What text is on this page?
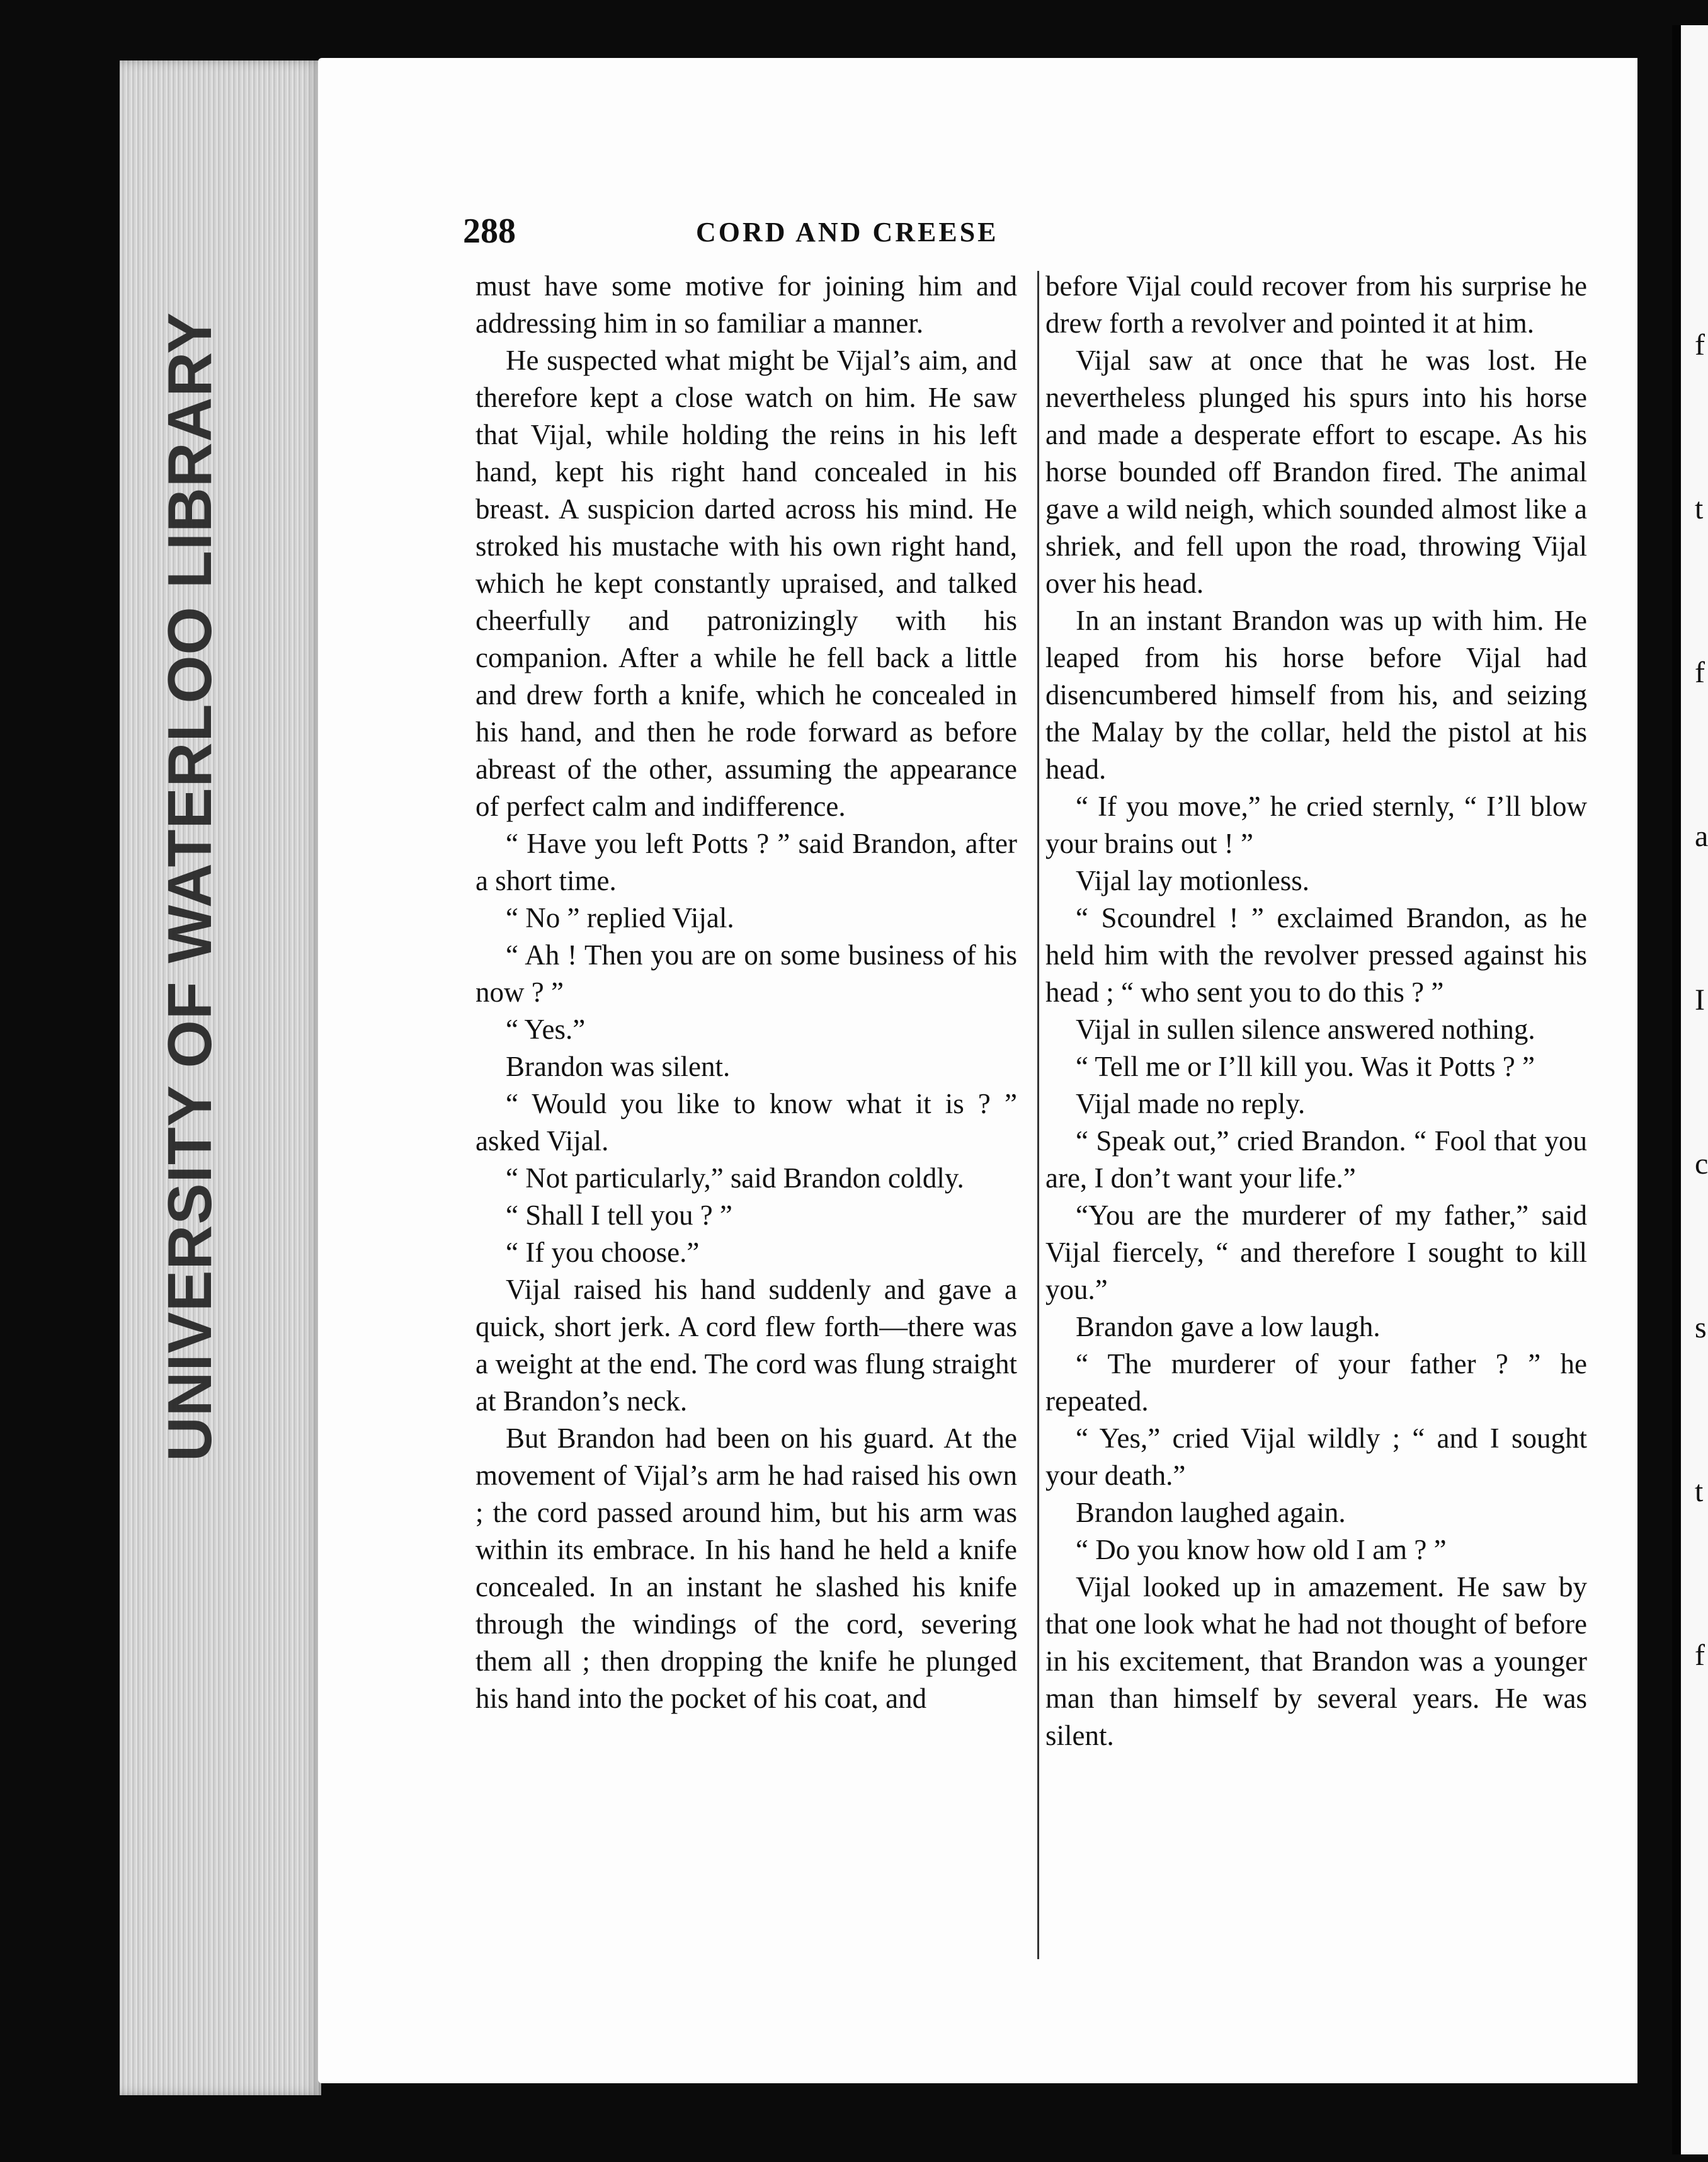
UNIVERSITY OF WATERLOO LIBRARY	f
t
f
a
I
c
s
t
f
288	CORD AND CREESE

must have some motive for joining him and addressing him in so familiar a manner.

He suspected what might be Vijal’s aim, and therefore kept a close watch on him. He saw that Vijal, while holding the reins in his left hand, kept his right hand concealed in his breast. A suspicion darted across his mind. He stroked his mustache with his own right hand, which he kept constantly upraised, and talked cheerfully and patronizingly with his companion. After a while he fell back a little and drew forth a knife, which he concealed in his hand, and then he rode forward as before abreast of the other, assuming the appearance of perfect calm and indifference.

“ Have you left Potts ? ” said Brandon, after a short time.

“ No ” replied Vijal.

“ Ah ! Then you are on some business of his now ? ”

“ Yes.”

Brandon was silent.

“ Would you like to know what it is ? ” asked Vijal.

“ Not particularly,” said Brandon coldly.

“ Shall I tell you ? ”

“ If you choose.”

Vijal raised his hand suddenly and gave a quick, short jerk. A cord flew forth—there was a weight at the end. The cord was flung straight at Brandon’s neck.

But Brandon had been on his guard. At the movement of Vijal’s arm he had raised his own ; the cord passed around him, but his arm was within its embrace. In his hand he held a knife concealed. In an instant he slashed his knife through the windings of the cord, severing them all ; then dropping the knife he plunged his hand into the pocket of his coat, and

before Vijal could recover from his surprise he drew forth a revolver and pointed it at him.

Vijal saw at once that he was lost. He nevertheless plunged his spurs into his horse and made a desperate effort to escape. As his horse bounded off Brandon fired. The animal gave a wild neigh, which sounded almost like a shriek, and fell upon the road, throwing Vijal over his head.

In an instant Brandon was up with him. He leaped from his horse before Vijal had disencumbered himself from his, and seizing the Malay by the collar, held the pistol at his head.

“ If you move,” he cried sternly, “ I’ll blow your brains out ! ”

Vijal lay motionless.

“ Scoundrel ! ” exclaimed Brandon, as he held him with the revolver pressed against his head ; “ who sent you to do this ? ”

Vijal in sullen silence answered nothing.

“ Tell me or I’ll kill you. Was it Potts ? ”

Vijal made no reply.

“ Speak out,” cried Brandon. “ Fool that you are, I don’t want your life.”

“You are the murderer of my father,” said Vijal fiercely, “ and therefore I sought to kill you.”

Brandon gave a low laugh.

“ The murderer of your father ? ” he repeated.

“ Yes,” cried Vijal wildly ; “ and I sought your death.”

Brandon laughed again.

“ Do you know how old I am ? ”

Vijal looked up in amazement. He saw by that one look what he had not thought of before in his excitement, that Brandon was a younger man than himself by several years. He was silent.
